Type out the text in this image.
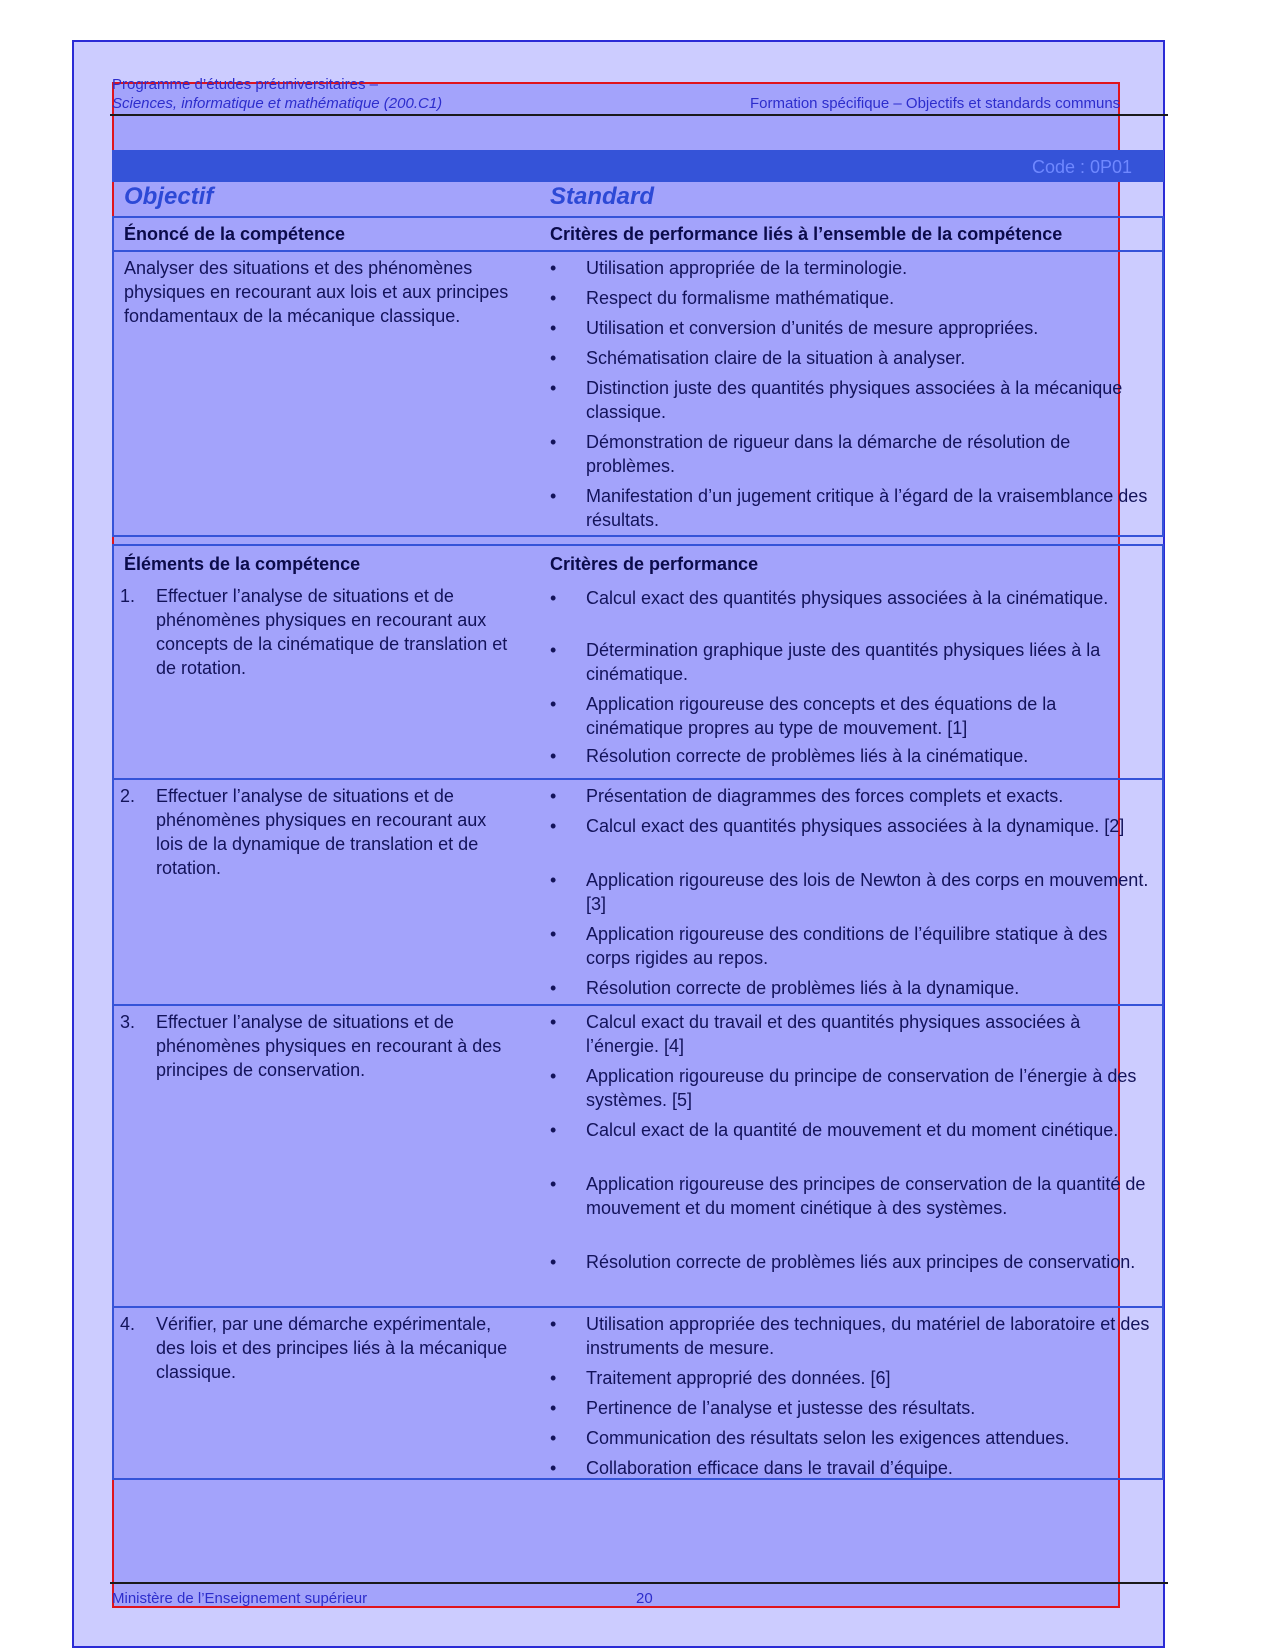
Programme d’études préuniversitaires –
Sciences, informatique et mathématique (200.C1)	Formation spécifique – Objectifs et standards communs
Code : 0P01
Objectif	Standard
Énoncé de la compétence	Critères de performance liés à l’ensemble de la compétence
Analyser des situations et des phénomènes physiques en recourant aux lois et aux principes fondamentaux de la mécanique classique.
• Utilisation appropriée de la terminologie.
• Respect du formalisme mathématique.
• Utilisation et conversion d’unités de mesure appropriées.
• Schématisation claire de la situation à analyser.
• Distinction juste des quantités physiques associées à la mécanique classique.
• Démonstration de rigueur dans la démarche de résolution de problèmes.
• Manifestation d’un jugement critique à l’égard de la vraisemblance des résultats.
Éléments de la compétence	Critères de performance
1. Effectuer l’analyse de situations et de phénomènes physiques en recourant aux concepts de la cinématique de translation et de rotation.
• Calcul exact des quantités physiques associées à la cinématique.
• Détermination graphique juste des quantités physiques liées à la cinématique.
• Application rigoureuse des concepts et des équations de la cinématique propres au type de mouvement. [1]
• Résolution correcte de problèmes liés à la cinématique.
2. Effectuer l’analyse de situations et de phénomènes physiques en recourant aux lois de la dynamique de translation et de rotation.
• Présentation de diagrammes des forces complets et exacts.
• Calcul exact des quantités physiques associées à la dynamique. [2]
• Application rigoureuse des lois de Newton à des corps en mouvement. [3]
• Application rigoureuse des conditions de l’équilibre statique à des corps rigides au repos.
• Résolution correcte de problèmes liés à la dynamique.
3. Effectuer l’analyse de situations et de phénomènes physiques en recourant à des principes de conservation.
• Calcul exact du travail et des quantités physiques associées à l’énergie. [4]
• Application rigoureuse du principe de conservation de l’énergie à des systèmes. [5]
• Calcul exact de la quantité de mouvement et du moment cinétique.
• Application rigoureuse des principes de conservation de la quantité de mouvement et du moment cinétique à des systèmes.
• Résolution correcte de problèmes liés aux principes de conservation.
4. Vérifier, par une démarche expérimentale, des lois et des principes liés à la mécanique classique.
• Utilisation appropriée des techniques, du matériel de laboratoire et des instruments de mesure.
• Traitement approprié des données. [6]
• Pertinence de l’analyse et justesse des résultats.
• Communication des résultats selon les exigences attendues.
• Collaboration efficace dans le travail d’équipe.
Ministère de l’Enseignement supérieur	20
